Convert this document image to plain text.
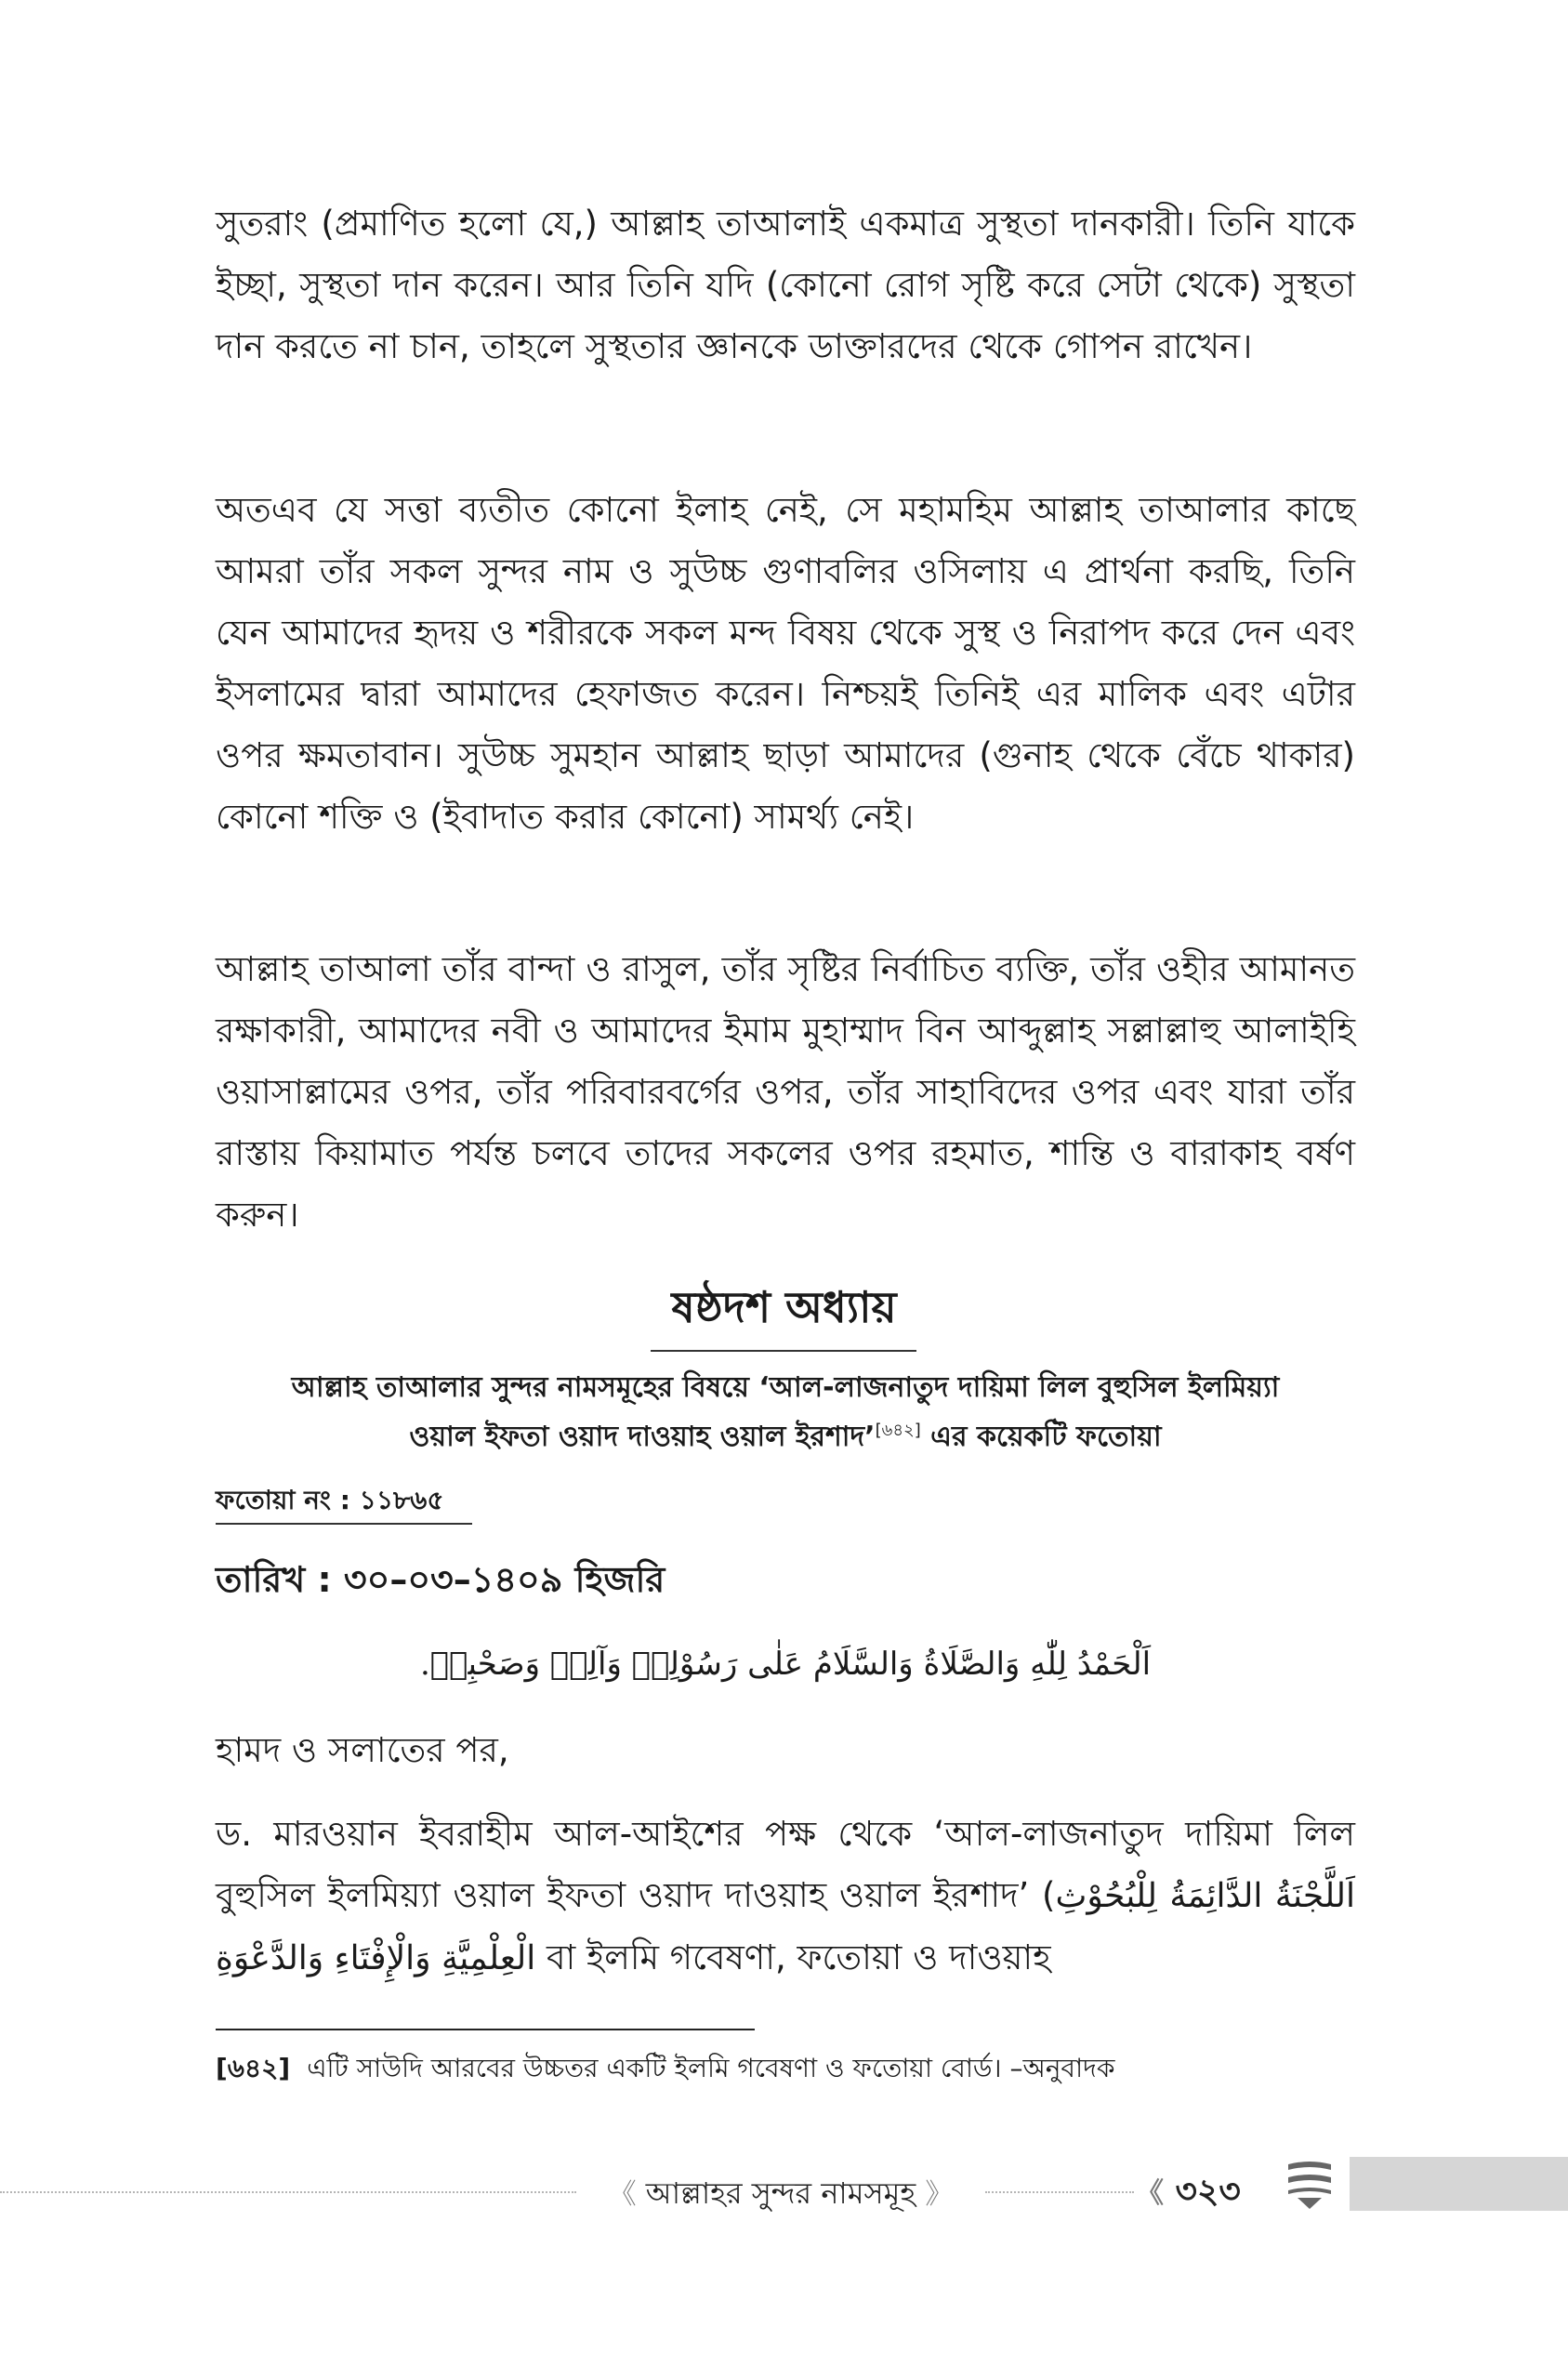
সুতরাং (প্রমাণিত হলো যে,) আল্লাহ তাআলাই একমাত্র সুস্থতা দানকারী। তিনি যাকে ইচ্ছা, সুস্থতা দান করেন। আর তিনি যদি (কোনো রোগ সৃষ্টি করে সেটা থেকে) সুস্থতা দান করতে না চান, তাহলে সুস্থতার জ্ঞানকে ডাক্তারদের থেকে গোপন রাখেন।
অতএব যে সত্তা ব্যতীত কোনো ইলাহ নেই, সে মহামহিম আল্লাহ তাআলার কাছে আমরা তাঁর সকল সুন্দর নাম ও সুউচ্চ গুণাবলির ওসিলায় এ প্রার্থনা করছি, তিনি যেন আমাদের হৃদয় ও শরীরকে সকল মন্দ বিষয় থেকে সুস্থ ও নিরাপদ করে দেন এবং ইসলামের দ্বারা আমাদের হেফাজত করেন। নিশ্চয়ই তিনিই এর মালিক এবং এটার ওপর ক্ষমতাবান। সুউচ্চ সুমহান আল্লাহ ছাড়া আমাদের (গুনাহ থেকে বেঁচে থাকার) কোনো শক্তি ও (ইবাদাত করার কোনো) সামর্থ্য নেই।
আল্লাহ তাআলা তাঁর বান্দা ও রাসুল, তাঁর সৃষ্টির নির্বাচিত ব্যক্তি, তাঁর ওহীর আমানত রক্ষাকারী, আমাদের নবী ও আমাদের ইমাম মুহাম্মাদ বিন আব্দুল্লাহ সল্লাল্লাহু আলাইহি ওয়াসাল্লামের ওপর, তাঁর পরিবারবর্গের ওপর, তাঁর সাহাবিদের ওপর এবং যারা তাঁর রাস্তায় কিয়ামাত পর্যন্ত চলবে তাদের সকলের ওপর রহমাত, শান্তি ও বারাকাহ বর্ষণ করুন।
ষষ্ঠদশ অধ্যায়
আল্লাহ তাআলার সুন্দর নামসমূহের বিষয়ে ‘আল-লাজনাতুদ দায়িমা লিল বুহুসিল ইলমিয়্যা
ওয়াল ইফতা ওয়াদ দাওয়াহ ওয়াল ইরশাদ’[৬৪২] এর কয়েকটি ফতোয়া
ফতোয়া নং : ১১৮৬৫
তারিখ : ৩০–০৩–১৪০৯ হিজরি
اَلْحَمْدُ لِلّٰهِ وَالصَّلَاةُ وَالسَّلَامُ عَلٰى رَسُوْلِهٖ وَآلِهٖ وَصَحْبِهٖ.
হামদ ও সলাতের পর,
ড. মারওয়ান ইবরাহীম আল-আইশের পক্ষ থেকে ‘আল-লাজনাতুদ দায়িমা লিল বুহুসিল ইলমিয়্যা ওয়াল ইফতা ওয়াদ দাওয়াহ ওয়াল ইরশাদ’ (اَللَّجْنَةُ الدَّائِمَةُ لِلْبُحُوْثِ الْعِلْمِيَّةِ وَالْإِفْتَاءِ وَالدَّعْوَةِ বা ইলমি গবেষণা, ফতোয়া ও দাওয়াহ
[৬৪২] এটি সাউদি আরবের উচ্চতর একটি ইলমি গবেষণা ও ফতোয়া বোর্ড। –অনুবাদক
《 আল্লাহর সুন্দর নামসমূহ 》	《 ৩২৩
